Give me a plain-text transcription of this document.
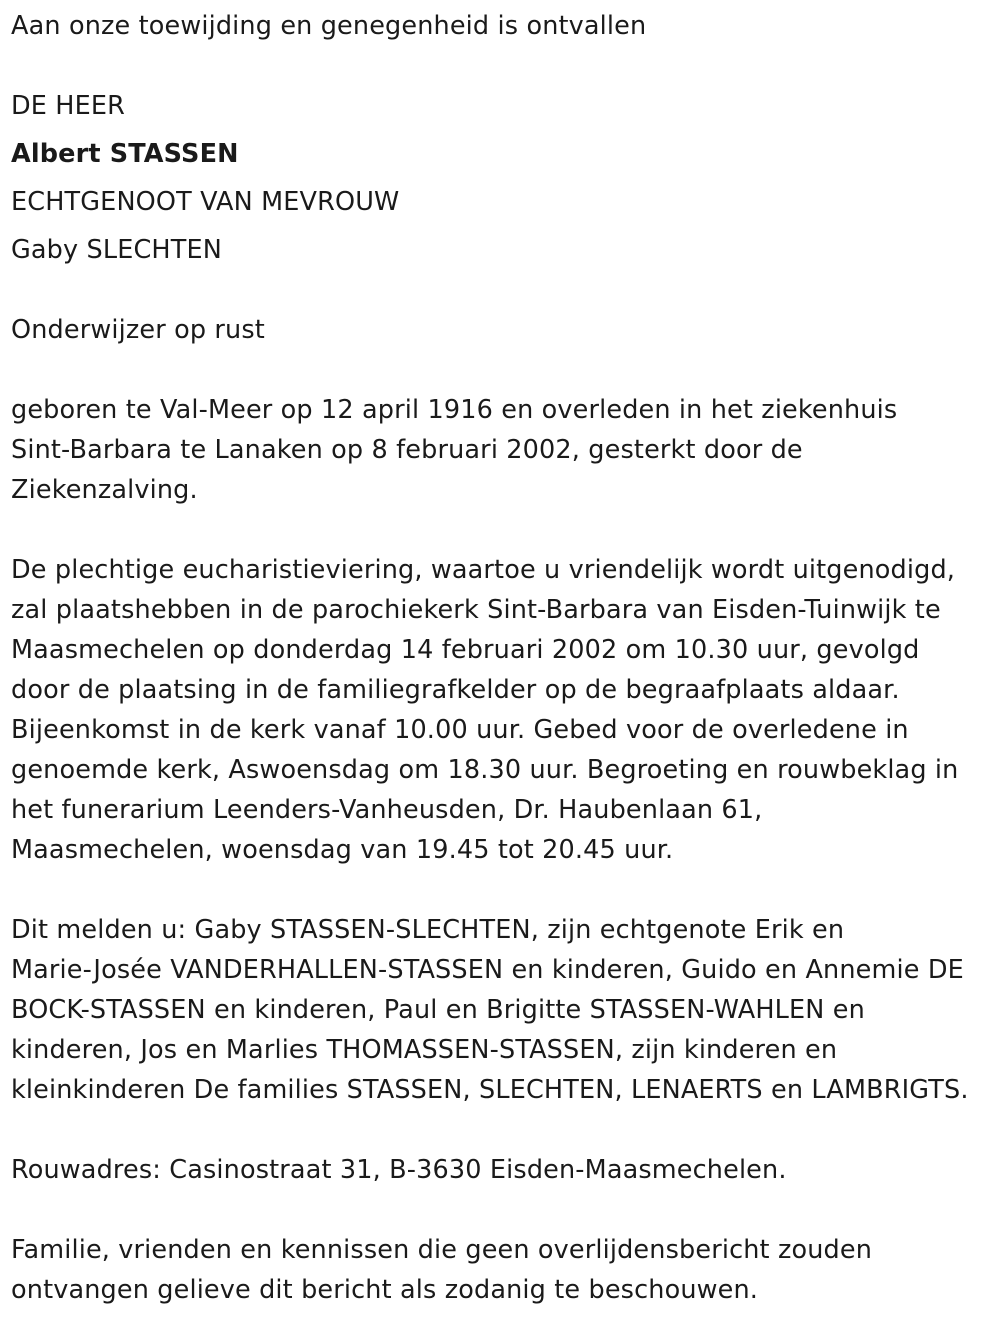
Aan onze toewijding en genegenheid is ontvallen
DE HEER
Albert STASSEN
ECHTGENOOT VAN MEVROUW
Gaby SLECHTEN
Onderwijzer op rust
geboren te Val-Meer op 12 april 1916 en overleden in het ziekenhuis
Sint-Barbara te Lanaken op 8 februari 2002, gesterkt door de
Ziekenzalving.
De plechtige eucharistieviering, waartoe u vriendelijk wordt uitgenodigd,
zal plaatshebben in de parochiekerk Sint-Barbara van Eisden-Tuinwijk te
Maasmechelen op donderdag 14 februari 2002 om 10.30 uur, gevolgd
door de plaatsing in de familiegrafkelder op de begraafplaats aldaar.
Bijeenkomst in de kerk vanaf 10.00 uur. Gebed voor de overledene in
genoemde kerk, Aswoensdag om 18.30 uur. Begroeting en rouwbeklag in
het funerarium Leenders-Vanheusden, Dr. Haubenlaan 61,
Maasmechelen, woensdag van 19.45 tot 20.45 uur.
Dit melden u: Gaby STASSEN-SLECHTEN, zijn echtgenote Erik en
Marie-Josée VANDERHALLEN-STASSEN en kinderen, Guido en Annemie DE
BOCK-STASSEN en kinderen, Paul en Brigitte STASSEN-WAHLEN en
kinderen, Jos en Marlies THOMASSEN-STASSEN, zijn kinderen en
kleinkinderen De families STASSEN, SLECHTEN, LENAERTS en LAMBRIGTS.
Rouwadres: Casinostraat 31, B-3630 Eisden-Maasmechelen.
Familie, vrienden en kennissen die geen overlijdensbericht zouden
ontvangen gelieve dit bericht als zodanig te beschouwen.
